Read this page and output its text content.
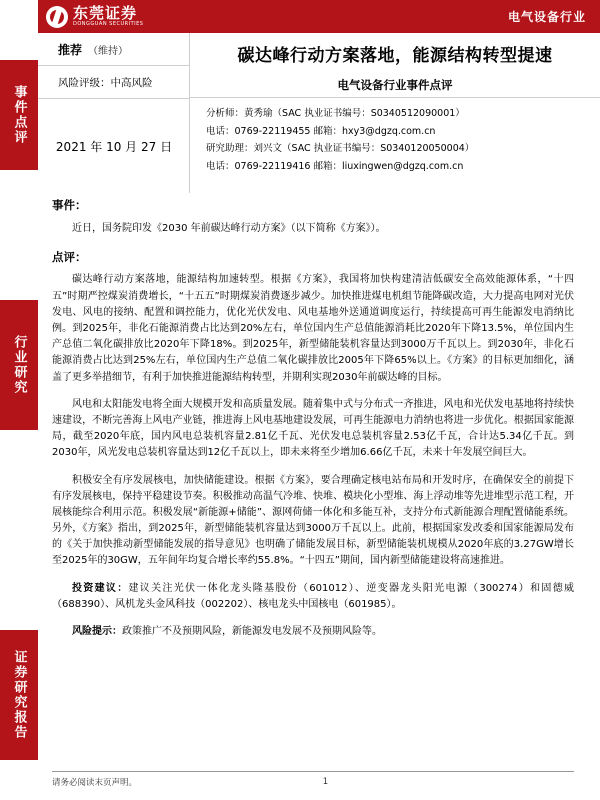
事件点评
行业研究
证券研究报告
东莞证券
DONGGUAN SECURITIES	电气设备行业
推荐 （维持）
风险评级：中高风险
2021 年 10 月 27 日
碳达峰行动方案落地，能源结构转型提速
电气设备行业事件点评
分析师：黄秀瑜（SAC 执业证书编号：S0340512090001）
电话：0769-22119455 邮箱：hxy3@dgzq.com.cn
研究助理：刘兴文（SAC 执业证书编号：S0340120050004）
电话：0769-22119416 邮箱：liuxingwen@dgzq.com.cn
事件：

近日，国务院印发《2030 年前碳达峰行动方案》（以下简称《方案》）。

点评：

碳达峰行动方案落地，能源结构加速转型。根据《方案》，我国将加快构建清洁低碳安全高效能源体系，“十四五”时期严控煤炭消费增长，“十五五”时期煤炭消费逐步减少。加快推进煤电机组节能降碳改造，大力提高电网对光伏发电、风电的接纳、配置和调控能力，优化光伏发电、风电基地外送通道调度运行，持续提高可再生能源发电消纳比例。到2025年，非化石能源消费占比达到20%左右，单位国内生产总值能源消耗比2020年下降13.5%，单位国内生产总值二氧化碳排放比2020年下降18%。到2025年，新型储能装机容量达到3000万千瓦以上。到2030年，非化石能源消费占比达到25%左右，单位国内生产总值二氧化碳排放比2005年下降65%以上。《方案》的目标更加细化，涵盖了更多举措细节，有利于加快推进能源结构转型，并期利实现2030年前碳达峰的目标。

风电和太阳能发电将全面大规模开发和高质量发展。随着集中式与分布式一齐推进，风电和光伏发电基地将持续快速建设，不断完善海上风电产业链，推进海上风电基地建设发展，可再生能源电力消纳也将进一步优化。根据国家能源局，截至2020年底，国内风电总装机容量2.81亿千瓦、光伏发电总装机容量2.53亿千瓦，合计达5.34亿千瓦。到2030年，风光发电总装机容量达到12亿千瓦以上，即未来将至少增加6.66亿千瓦，未来十年发展空间巨大。

积极安全有序发展核电，加快储能建设。根据《方案》，要合理确定核电站布局和开发时序，在确保安全的前提下有序发展核电，保持平稳建设节奏。积极推动高温气冷堆、快堆、模块化小型堆、海上浮动堆等先进堆型示范工程，开展核能综合利用示范。积极发展“新能源+储能”、源网荷储一体化和多能互补，支持分布式新能源合理配置储能系统。另外，《方案》指出，到2025年，新型储能装机容量达到3000万千瓦以上。此前，根据国家发改委和国家能源局发布的《关于加快推动新型储能发展的指导意见》也明确了储能发展目标，新型储能装机规模从2020年底的3.27GW增长至2025年的30GW，五年间年均复合增长率约55.8%。“十四五”期间，国内新型储能建设将高速推进。

投资建议：建议关注光伏一体化龙头隆基股份（601012）、逆变器龙头阳光电源（300274）和固德威（688390）、风机龙头金风科技（002202）、核电龙头中国核电（601985）。

风险提示：政策推广不及预期风险，新能源发电发展不及预期风险等。

请务必阅读末页声明。	1
